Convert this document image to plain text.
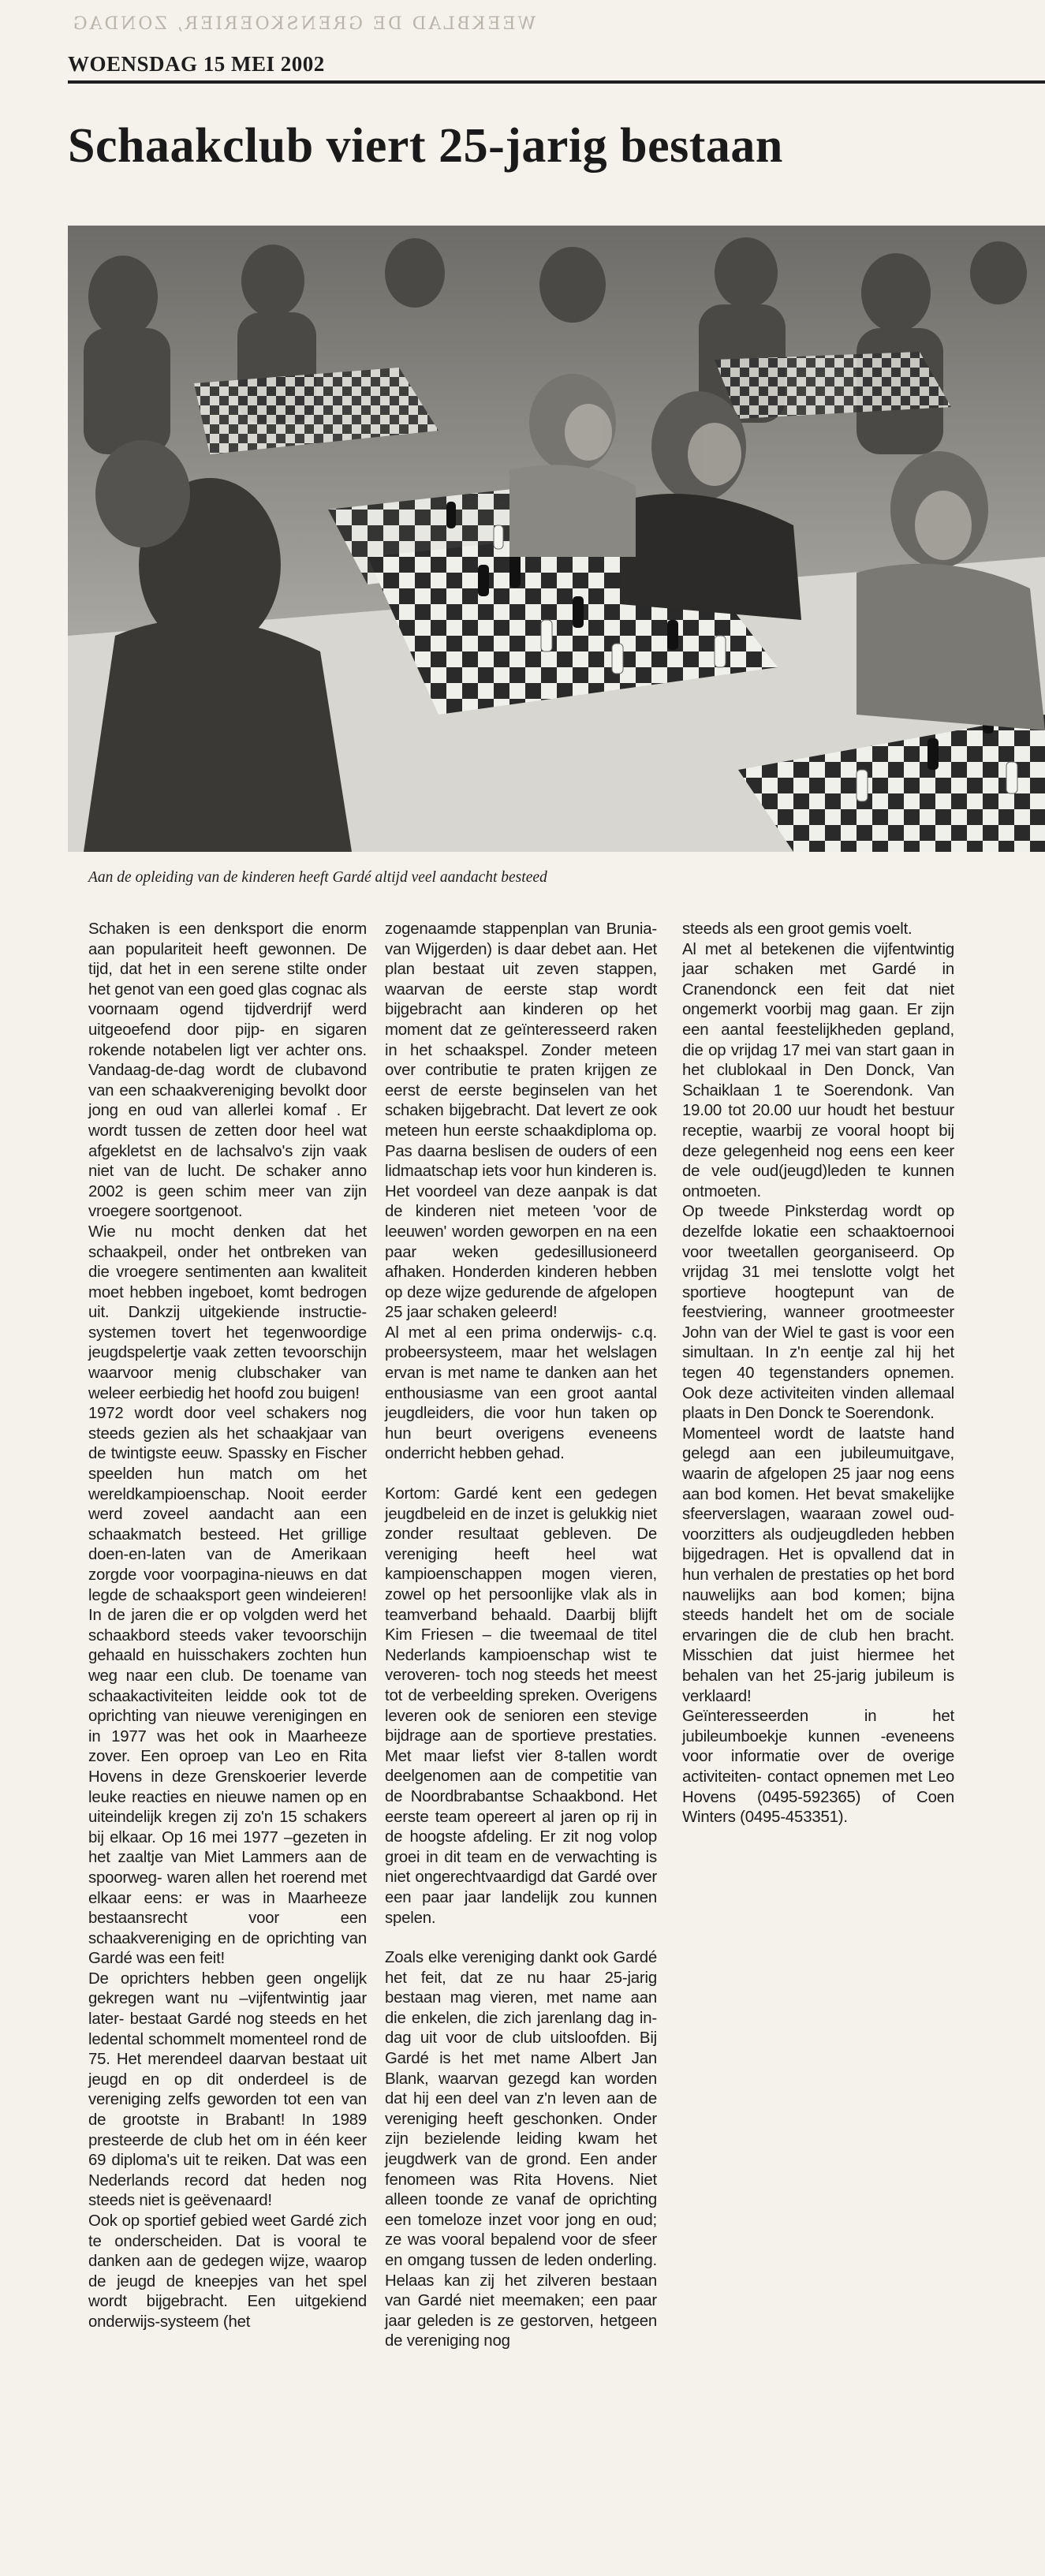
WEEKBLAD DE GRENSKOERIER, ZONDAG
WOENSDAG 15 MEI 2002
Schaakclub viert 25-jarig bestaan
Aan de opleiding van de kinderen heeft Gardé altijd veel aandacht besteed

Schaken is een denksport die enorm aan populariteit heeft gewonnen. De tijd, dat het in een serene stilte onder het genot van een goed glas cognac als voornaam ogend tijdverdrijf werd uitgeoefend door pijp- en sigaren rokende notabelen ligt ver achter ons. Vandaag-de-dag wordt de clubavond van een schaakvereniging bevolkt door jong en oud van allerlei komaf . Er wordt tussen de zetten door heel wat afgekletst en de lachsalvo's zijn vaak niet van de lucht. De schaker anno 2002 is geen schim meer van zijn vroegere soortgenoot.

Wie nu mocht denken dat het schaakpeil, onder het ontbreken van die vroegere sentimenten aan kwaliteit moet hebben ingeboet, komt bedrogen uit. Dankzij uitgekiende instructie-systemen tovert het tegenwoordige jeugdspelertje vaak zetten tevoorschijn waarvoor menig clubschaker van weleer eerbiedig het hoofd zou buigen!

1972 wordt door veel schakers nog steeds gezien als het schaakjaar van de twintigste eeuw. Spassky en Fischer speelden hun match om het wereldkampioenschap. Nooit eerder werd zoveel aandacht aan een schaakmatch besteed. Het grillige doen-en-laten van de Amerikaan zorgde voor voorpagina-nieuws en dat legde de schaaksport geen windeieren! In de jaren die er op volgden werd het schaakbord steeds vaker tevoorschijn gehaald en huisschakers zochten hun weg naar een club. De toename van schaakactiviteiten leidde ook tot de oprichting van nieuwe verenigingen en in 1977 was het ook in Maarheeze zover. Een oproep van Leo en Rita Hovens in deze Grenskoerier leverde leuke reacties en nieuwe namen op en uiteindelijk kregen zij zo'n 15 schakers bij elkaar. Op 16 mei 1977 –gezeten in het zaaltje van Miet Lammers aan de spoorweg- waren allen het roerend met elkaar eens: er was in Maarheeze bestaansrecht voor een schaakvereniging en de oprichting van Gardé was een feit!

De oprichters hebben geen ongelijk gekregen want nu –vijfentwintig jaar later- bestaat Gardé nog steeds en het ledental schommelt momenteel rond de 75. Het merendeel daarvan bestaat uit jeugd en op dit onderdeel is de vereniging zelfs geworden tot een van de grootste in Brabant! In 1989 presteerde de club het om in één keer 69 diploma's uit te reiken. Dat was een Nederlands record dat heden nog steeds niet is geëvenaard!

Ook op sportief gebied weet Gardé zich te onderscheiden. Dat is vooral te danken aan de gedegen wijze, waarop de jeugd de kneepjes van het spel wordt bijgebracht. Een uitgekiend onderwijs-systeem (het

zogenaamde stappenplan van Brunia-van Wijgerden) is daar debet aan. Het plan bestaat uit zeven stappen, waarvan de eerste stap wordt bijgebracht aan kinderen op het moment dat ze geïnteresseerd raken in het schaakspel. Zonder meteen over contributie te praten krijgen ze eerst de eerste beginselen van het schaken bijgebracht. Dat levert ze ook meteen hun eerste schaakdiploma op. Pas daarna beslisen de ouders of een lidmaatschap iets voor hun kinderen is. Het voordeel van deze aanpak is dat de kinderen niet meteen 'voor de leeuwen' worden geworpen en na een paar weken gedesillusioneerd afhaken. Honderden kinderen hebben op deze wijze gedurende de afgelopen 25 jaar schaken geleerd!

Al met al een prima onderwijs- c.q. probeersysteem, maar het welslagen ervan is met name te danken aan het enthousiasme van een groot aantal jeugdleiders, die voor hun taken op hun beurt overigens eveneens onderricht hebben gehad.

Kortom: Gardé kent een gedegen jeugdbeleid en de inzet is gelukkig niet zonder resultaat gebleven. De vereniging heeft heel wat kampioenschappen mogen vieren, zowel op het persoonlijke vlak als in teamverband behaald. Daarbij blijft Kim Friesen – die tweemaal de titel Nederlands kampioenschap wist te veroveren- toch nog steeds het meest tot de verbeelding spreken. Overigens leveren ook de senioren een stevige bijdrage aan de sportieve prestaties. Met maar liefst vier 8-tallen wordt deelgenomen aan de competitie van de Noordbrabantse Schaakbond. Het eerste team opereert al jaren op rij in de hoogste afdeling. Er zit nog volop groei in dit team en de verwachting is niet ongerechtvaardigd dat Gardé over een paar jaar landelijk zou kunnen spelen.

Zoals elke vereniging dankt ook Gardé het feit, dat ze nu haar 25-jarig bestaan mag vieren, met name aan die enkelen, die zich jarenlang dag in-dag uit voor de club uitsloofden. Bij Gardé is het met name Albert Jan Blank, waarvan gezegd kan worden dat hij een deel van z'n leven aan de vereniging heeft geschonken. Onder zijn bezielende leiding kwam het jeugdwerk van de grond. Een ander fenomeen was Rita Hovens. Niet alleen toonde ze vanaf de oprichting een tomeloze inzet voor jong en oud; ze was vooral bepalend voor de sfeer en omgang tussen de leden onderling. Helaas kan zij het zilveren bestaan van Gardé niet meemaken; een paar jaar geleden is ze gestorven, hetgeen de vereniging nog

steeds als een groot gemis voelt.

Al met al betekenen die vijfentwintig jaar schaken met Gardé in Cranendonck een feit dat niet ongemerkt voorbij mag gaan. Er zijn een aantal feestelijkheden gepland, die op vrijdag 17 mei van start gaan in het clublokaal in Den Donck, Van Schaiklaan 1 te Soerendonk. Van 19.00 tot 20.00 uur houdt het bestuur receptie, waarbij ze vooral hoopt bij deze gelegenheid nog eens een keer de vele oud(jeugd)leden te kunnen ontmoeten.

Op tweede Pinksterdag wordt op dezelfde lokatie een schaaktoernooi voor tweetallen georganiseerd. Op vrijdag 31 mei tenslotte volgt het sportieve hoogtepunt van de feestviering, wanneer grootmeester John van der Wiel te gast is voor een simultaan. In z'n eentje zal hij het tegen 40 tegenstanders opnemen. Ook deze activiteiten vinden allemaal plaats in Den Donck te Soerendonk.

Momenteel wordt de laatste hand gelegd aan een jubileumuitgave, waarin de afgelopen 25 jaar nog eens aan bod komen. Het bevat smakelijke sfeerverslagen, waaraan zowel oud-voorzitters als oudjeugdleden hebben bijgedragen. Het is opvallend dat in hun verhalen de prestaties op het bord nauwelijks aan bod komen; bijna steeds handelt het om de sociale ervaringen die de club hen bracht. Misschien dat juist hiermee het behalen van het 25-jarig jubileum is verklaard!

Geïnteresseerden in het jubileumboekje kunnen -eveneens voor informatie over de overige activiteiten- contact opnemen met Leo Hovens (0495-592365) of Coen Winters (0495-453351).
